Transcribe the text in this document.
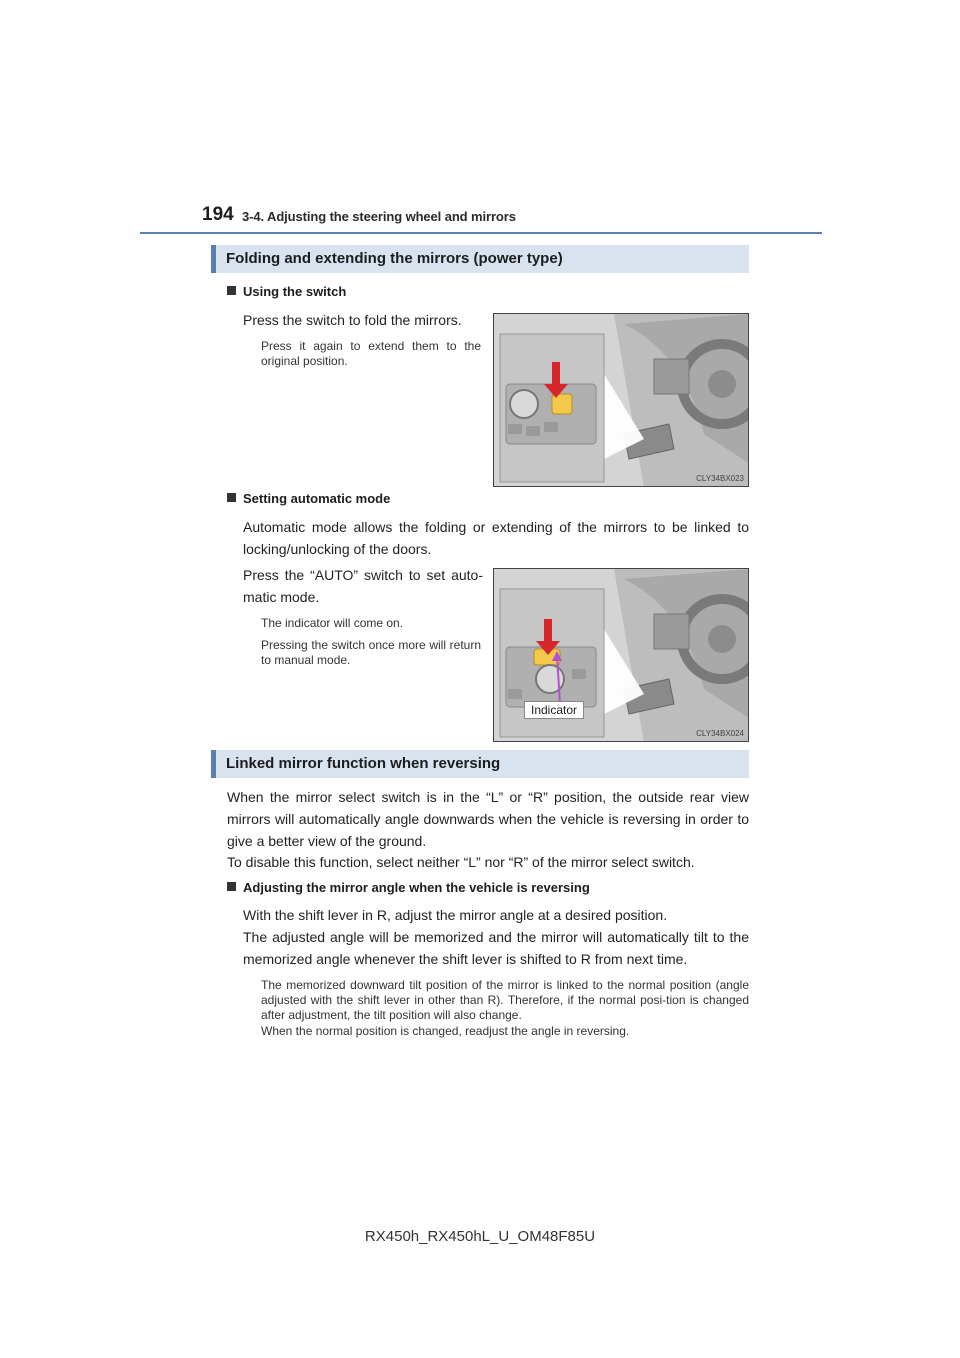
194 3-4. Adjusting the steering wheel and mirrors
Folding and extending the mirrors (power type)
Using the switch
Press the switch to fold the mirrors.
Press it again to extend them to the original position.
CLY34BX023
Setting automatic mode
Automatic mode allows the folding or extending of the mirrors to be linked to locking/unlocking of the doors.
Press the “AUTO” switch to set auto-matic mode.
The indicator will come on.
Pressing the switch once more will return to manual mode.
Indicator
CLY34BX024
Linked mirror function when reversing
When the mirror select switch is in the “L” or “R” position, the outside rear view mirrors will automatically angle downwards when the vehicle is reversing in order to give a better view of the ground.
To disable this function, select neither “L” nor “R” of the mirror select switch.
Adjusting the mirror angle when the vehicle is reversing
With the shift lever in R, adjust the mirror angle at a desired position.
The adjusted angle will be memorized and the mirror will automatically tilt to the memorized angle whenever the shift lever is shifted to R from next time.
The memorized downward tilt position of the mirror is linked to the normal position (angle adjusted with the shift lever in other than R). Therefore, if the normal posi-tion is changed after adjustment, the tilt position will also change.
When the normal position is changed, readjust the angle in reversing.
RX450h_RX450hL_U_OM48F85U
